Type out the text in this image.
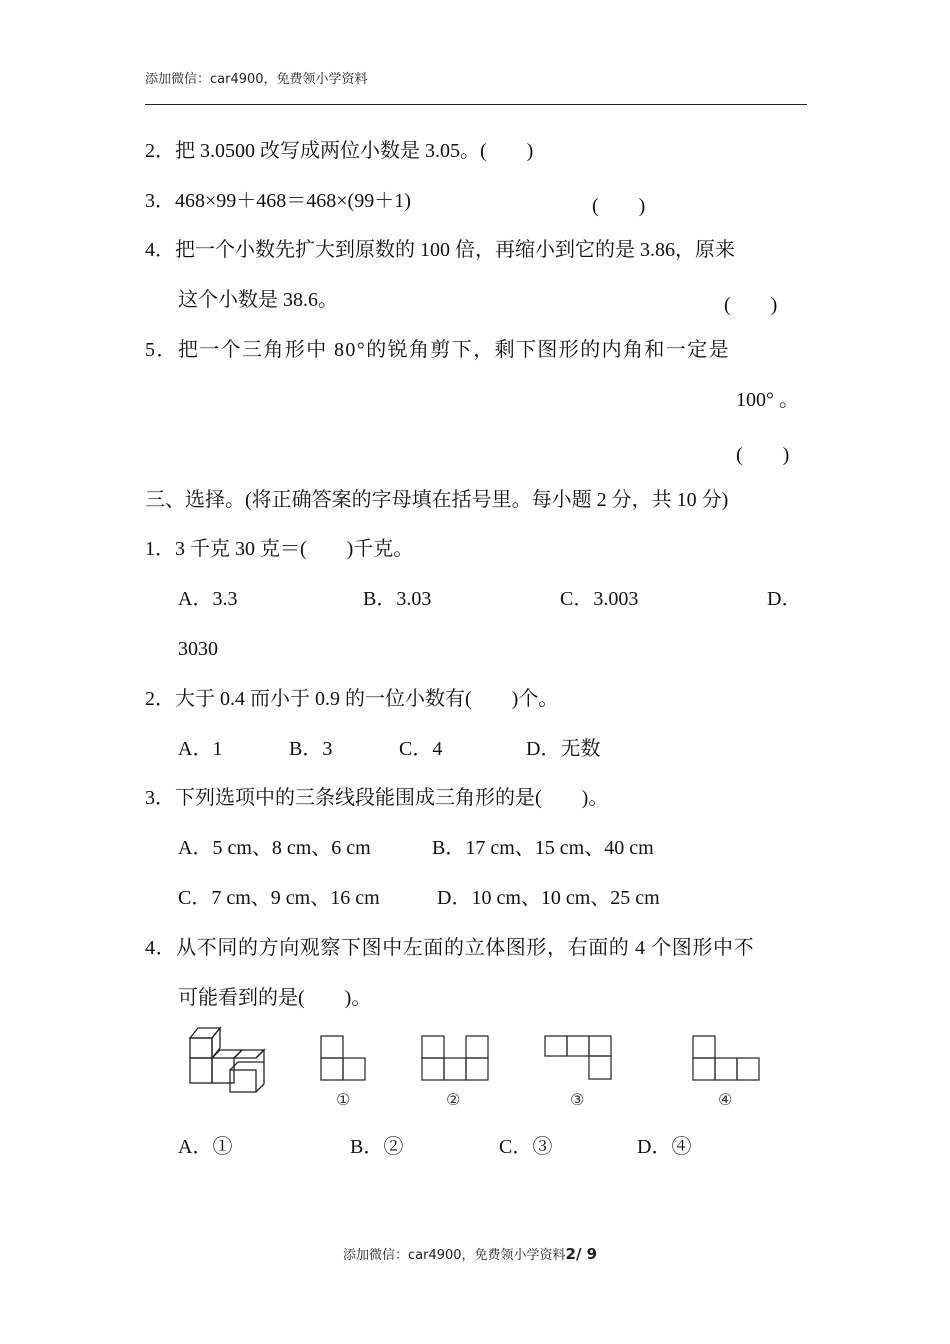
添加微信：car4900，免费领小学资料
2．把 3.0500 改写成两位小数是 3.05。(　　)
3．468×99＋468＝468×(99＋1)	(　　)
4．把一个小数先扩大到原数的 100 倍，再缩小到它的是 3.86，原来
这个小数是 38.6。	(　　)
5．把一个三角形中 80°的锐角剪下，剩下图形的内角和一定是
100° 。
(　　)
三、选择。(将正确答案的字母填在括号里。每小题 2 分，共 10 分)
1．3 千克 30 克＝(　　)千克。
A．3.3	B．3.03	C．3.003	D．
3030
2．大于 0.4 而小于 0.9 的一位小数有(　　)个。
A．1	B．3	C．4	D．无数
3．下列选项中的三条线段能围成三角形的是(　　)。
A．5 cm、8 cm、6 cm	B．17 cm、15 cm、40 cm
C．7 cm、9 cm、16 cm	D．10 cm、10 cm、25 cm
4．从不同的方向观察下图中左面的立体图形，右面的 4 个图形中不
可能看到的是(　　)。
①	②	③	④
A．①	B．②	C．③	D．④
添加微信：car4900，免费领小学资料2/ 9
